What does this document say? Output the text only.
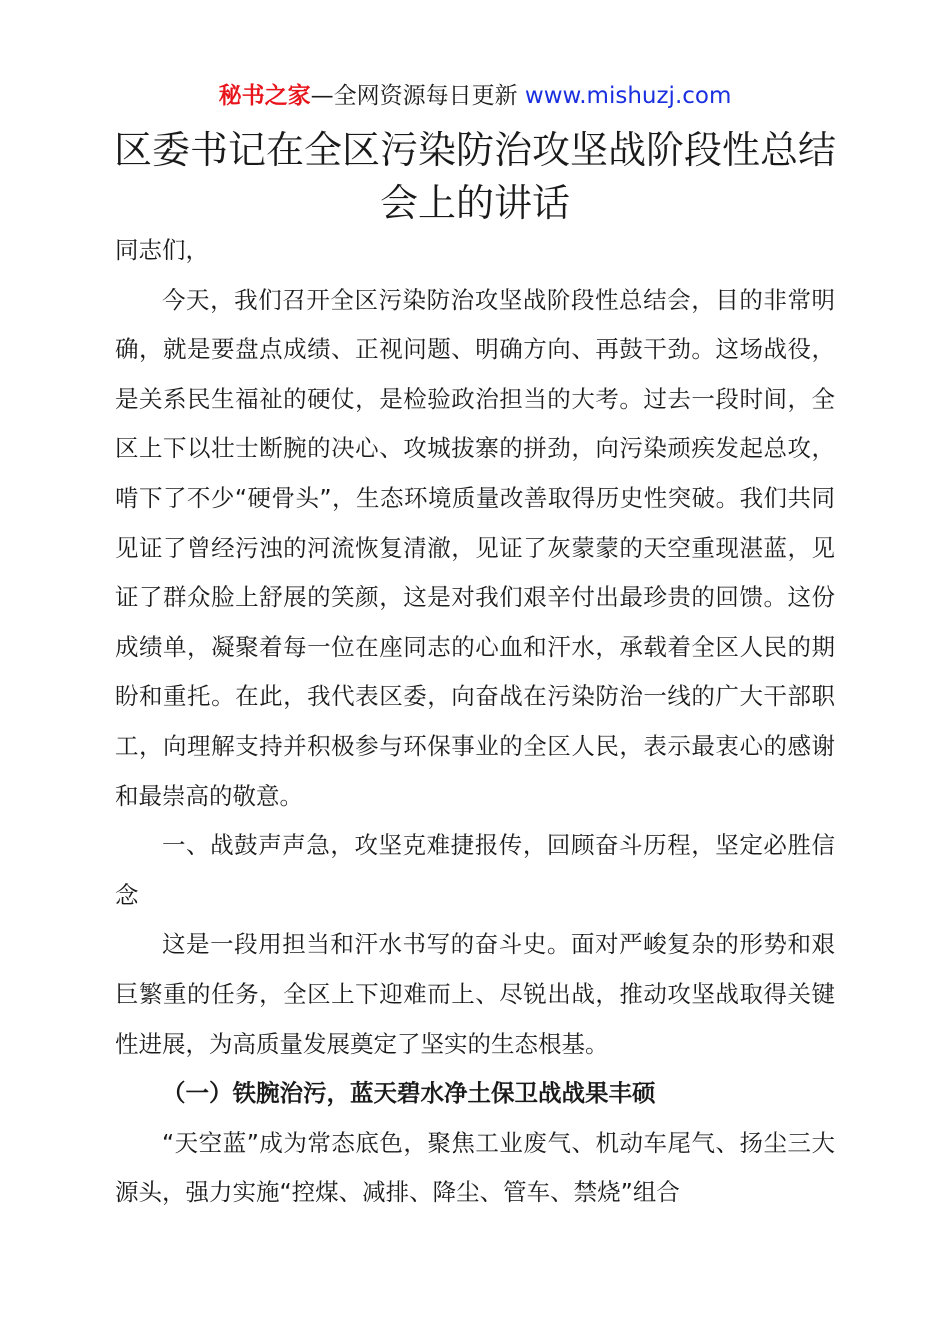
秘书之家—全网资源每日更新 www.mishuzj.com
区委书记在全区污染防治攻坚战阶段性总结会上的讲话

同志们，

今天，我们召开全区污染防治攻坚战阶段性总结会，目的非常明确，就是要盘点成绩、正视问题、明确方向、再鼓干劲。这场战役，是关系民生福祉的硬仗，是检验政治担当的大考。过去一段时间，全区上下以壮士断腕的决心、攻城拔寨的拼劲，向污染顽疾发起总攻，啃下了不少“硬骨头”，生态环境质量改善取得历史性突破。我们共同见证了曾经污浊的河流恢复清澈，见证了灰蒙蒙的天空重现湛蓝，见证了群众脸上舒展的笑颜，这是对我们艰辛付出最珍贵的回馈。这份成绩单，凝聚着每一位在座同志的心血和汗水，承载着全区人民的期盼和重托。在此，我代表区委，向奋战在污染防治一线的广大干部职工，向理解支持并积极参与环保事业的全区人民，表示最衷心的感谢和最崇高的敬意。

一、战鼓声声急，攻坚克难捷报传，回顾奋斗历程，坚定必胜信念

这是一段用担当和汗水书写的奋斗史。面对严峻复杂的形势和艰巨繁重的任务，全区上下迎难而上、尽锐出战，推动攻坚战取得关键性进展，为高质量发展奠定了坚实的生态根基。

（一）铁腕治污，蓝天碧水净土保卫战战果丰硕

“天空蓝”成为常态底色，聚焦工业废气、机动车尾气、扬尘三大源头，强力实施“控煤、减排、降尘、管车、禁烧”组合
